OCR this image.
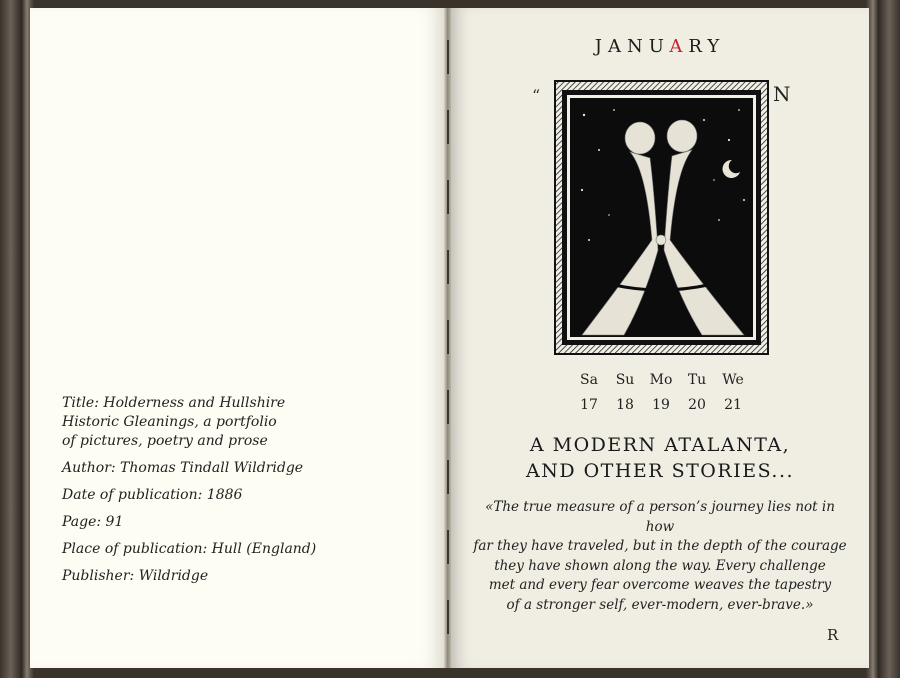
Title: Holderness and Hullshire
Historic Gleanings, a portfolio
of pictures, poetry and prose

Author: Thomas Tindall Wildridge

Date of publication: 1886

Page: 91

Place of publication: Hull (England)

Publisher: Wildridge

JANUARY
“	N
Sa	Su	Mo	Tu	We
17	18	19	20	21
A MODERN ATALANTA,
AND OTHER STORIES...
«The true measure of a person’s journey lies not in how
far they have traveled, but in the depth of the courage
they have shown along the way. Every challenge
met and every fear overcome weaves the tapestry
of a stronger self, ever-modern, ever-brave.»
R
